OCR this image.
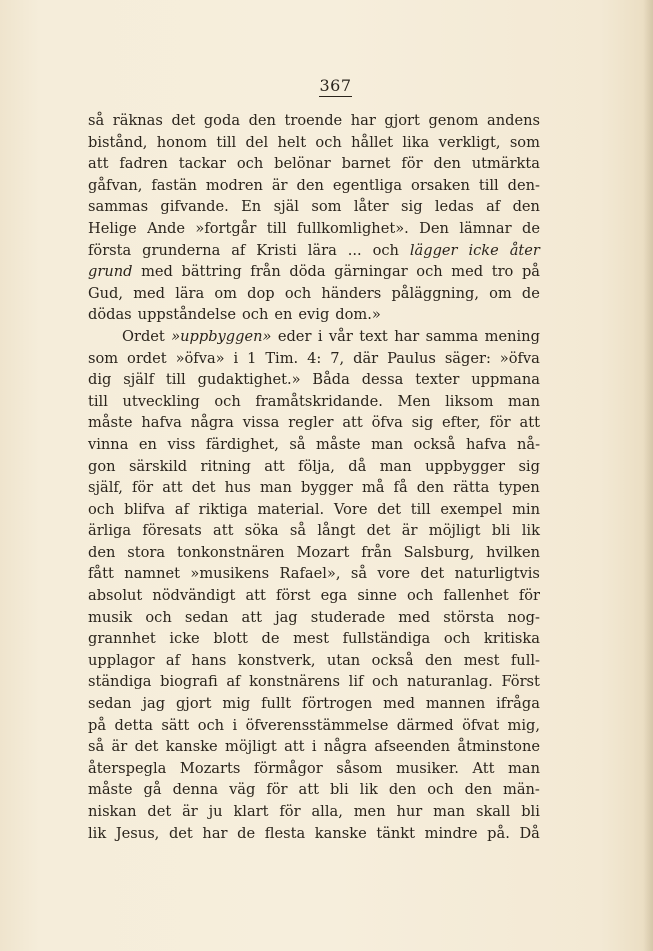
367
så räknas det goda den troende har gjort genom andens
bistånd, honom till del helt och hållet lika verkligt, som
att fadren tackar och belönar barnet för den utmärkta
gåfvan, fastän modren är den egentliga orsaken till den-
sammas gifvande. En själ som låter sig ledas af den
Helige Ande »fortgår till fullkomlighet». Den lämnar de
första grunderna af Kristi lära ... och lägger icke åter
grund med bättring från döda gärningar och med tro på
Gud, med lära om dop och händers påläggning, om de
dödas uppståndelse och en evig dom.»
Ordet »uppbyggen» eder i vår text har samma mening
som ordet »öfva» i 1 Tim. 4: 7, där Paulus säger: »öfva
dig själf till gudaktighet.» Båda dessa texter uppmana
till utveckling och framåtskridande. Men liksom man
måste hafva några vissa regler att öfva sig efter, för att
vinna en viss färdighet, så måste man också hafva nå-
gon särskild ritning att följa, då man uppbygger sig
själf, för att det hus man bygger må få den rätta typen
och blifva af riktiga material. Vore det till exempel min
ärliga föresats att söka så långt det är möjligt bli lik
den stora tonkonstnären Mozart från Salsburg, hvilken
fått namnet »musikens Rafael», så vore det naturligtvis
absolut nödvändigt att först ega sinne och fallenhet för
musik och sedan att jag studerade med största nog-
grannhet icke blott de mest fullständiga och kritiska
upplagor af hans konstverk, utan också den mest full-
ständiga biografi af konstnärens lif och naturanlag. Först
sedan jag gjort mig fullt förtrogen med mannen ifråga
på detta sätt och i öfverensstämmelse därmed öfvat mig,
så är det kanske möjligt att i några afseenden åtminstone
återspegla Mozarts förmågor såsom musiker. Att man
måste gå denna väg för att bli lik den och den män-
niskan det är ju klart för alla, men hur man skall bli
lik Jesus, det har de flesta kanske tänkt mindre på. Då
